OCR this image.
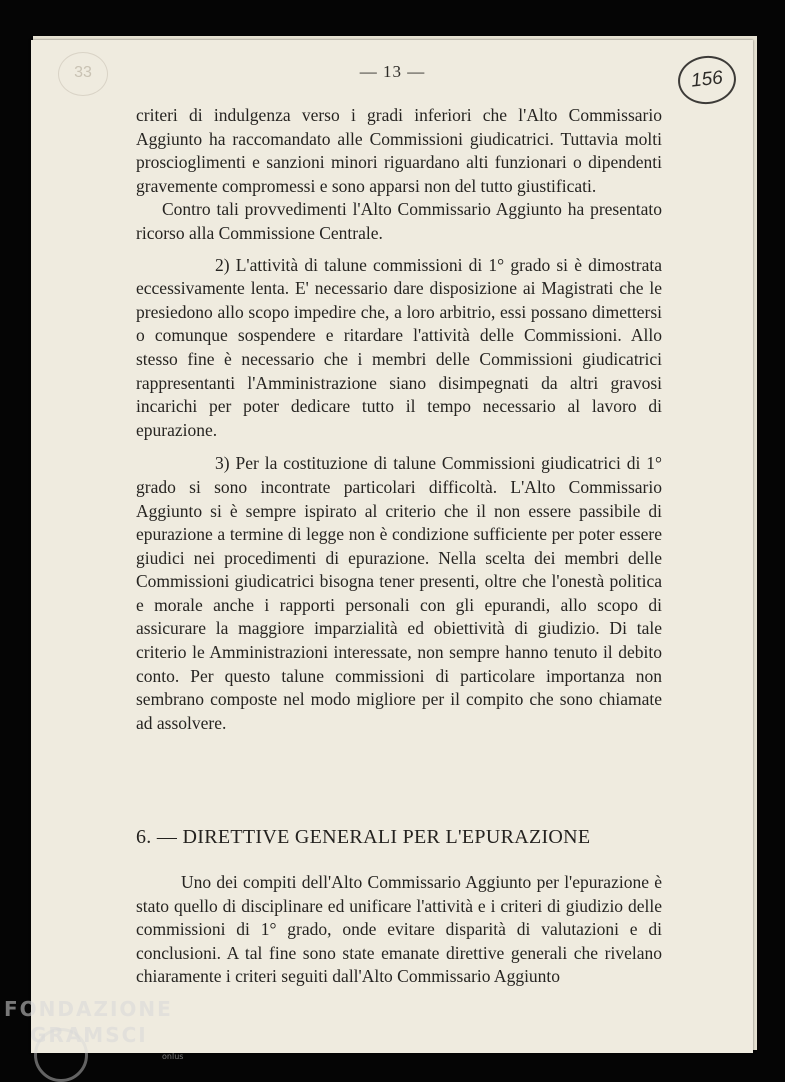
33	— 13 —	156

criteri di indulgenza verso i gradi inferiori che l'Alto Commissario Aggiunto ha raccomandato alle Commissioni giudicatrici. Tuttavia molti proscioglimenti e sanzioni minori riguardano alti funzionari o dipendenti gravemente compromessi e sono apparsi non del tutto giustificati.

Contro tali provvedimenti l'Alto Commissario Aggiunto ha presentato ricorso alla Commissione Centrale.

2) L'attività di talune commissioni di 1° grado si è dimostrata eccessivamente lenta. E' necessario dare disposizione ai Magistrati che le presiedono allo scopo impedire che, a loro arbitrio, essi possano dimettersi o comunque sospendere e ritardare l'attività delle Commissioni. Allo stesso fine è necessario che i membri delle Commissioni giudicatrici rappresentanti l'Amministrazione siano disimpegnati da altri gravosi incarichi per poter dedicare tutto il tempo necessario al lavoro di epurazione.

3) Per la costituzione di talune Commissioni giudicatrici di 1° grado si sono incontrate particolari difficoltà. L'Alto Commissario Aggiunto si è sempre ispirato al criterio che il non essere passibile di epurazione a termine di legge non è condizione sufficiente per poter essere giudici nei procedimenti di epurazione. Nella scelta dei membri delle Commissioni giudicatrici bisogna tener presenti, oltre che l'onestà politica e morale anche i rapporti personali con gli epurandi, allo scopo di assicurare la maggiore imparzialità ed obiettività di giudizio. Di tale criterio le Amministrazioni interessate, non sempre hanno tenuto il debito conto. Per questo talune commissioni di particolare importanza non sembrano composte nel modo migliore per il compito che sono chiamate ad assolvere.

6. — DIRETTIVE GENERALI PER L'EPURAZIONE

Uno dei compiti dell'Alto Commissario Aggiunto per l'epurazione è stato quello di disciplinare ed unificare l'attività e i criteri di giudizio delle commissioni di 1° grado, onde evitare disparità di valutazioni e di conclusioni. A tal fine sono state emanate direttive generali che rivelano chiaramente i criteri seguiti dall'Alto Commissario Aggiunto

FONDAZIONE
GRAMSCI
onlus
